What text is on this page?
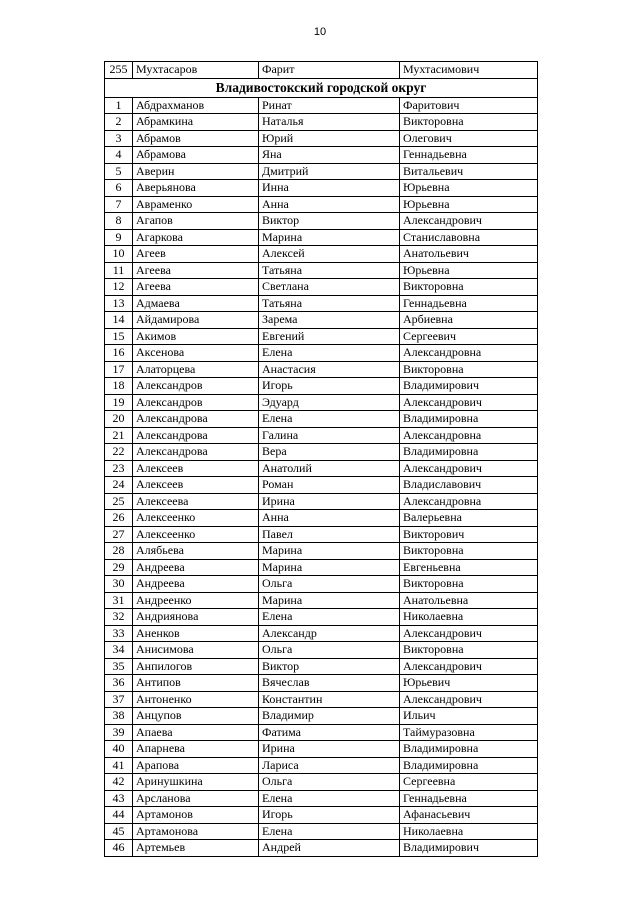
10
255	Мухтасаров	Фарит	Мухтасимович
Владивостокский городской округ			
1	Абдрахманов	Ринат	Фаритович
2	Абрамкина	Наталья	Викторовна
3	Абрамов	Юрий	Олегович
4	Абрамова	Яна	Геннадьевна
5	Аверин	Дмитрий	Витальевич
6	Аверьянова	Инна	Юрьевна
7	Авраменко	Анна	Юрьевна
8	Агапов	Виктор	Александрович
9	Агаркова	Марина	Станиславовна
10	Агеев	Алексей	Анатольевич
11	Агеева	Татьяна	Юрьевна
12	Агеева	Светлана	Викторовна
13	Адмаева	Татьяна	Геннадьевна
14	Айдамирова	Зарема	Арбиевна
15	Акимов	Евгений	Сергеевич
16	Аксенова	Елена	Александровна
17	Алаторцева	Анастасия	Викторовна
18	Александров	Игорь	Владимирович
19	Александров	Эдуард	Александрович
20	Александрова	Елена	Владимировна
21	Александрова	Галина	Александровна
22	Александрова	Вера	Владимировна
23	Алексеев	Анатолий	Александрович
24	Алексеев	Роман	Владиславович
25	Алексеева	Ирина	Александровна
26	Алексеенко	Анна	Валерьевна
27	Алексеенко	Павел	Викторович
28	Алябьева	Марина	Викторовна
29	Андреева	Марина	Евгеньевна
30	Андреева	Ольга	Викторовна
31	Андреенко	Марина	Анатольевна
32	Андриянова	Елена	Николаевна
33	Аненков	Александр	Александрович
34	Анисимова	Ольга	Викторовна
35	Анпилогов	Виктор	Александрович
36	Антипов	Вячеслав	Юрьевич
37	Антоненко	Константин	Александрович
38	Анцупов	Владимир	Ильич
39	Апаева	Фатима	Таймуразовна
40	Апарнева	Ирина	Владимировна
41	Арапова	Лариса	Владимировна
42	Аринушкина	Ольга	Сергеевна
43	Арсланова	Елена	Геннадьевна
44	Артамонов	Игорь	Афанасьевич
45	Артамонова	Елена	Николаевна
46	Артемьев	Андрей	Владимирович
